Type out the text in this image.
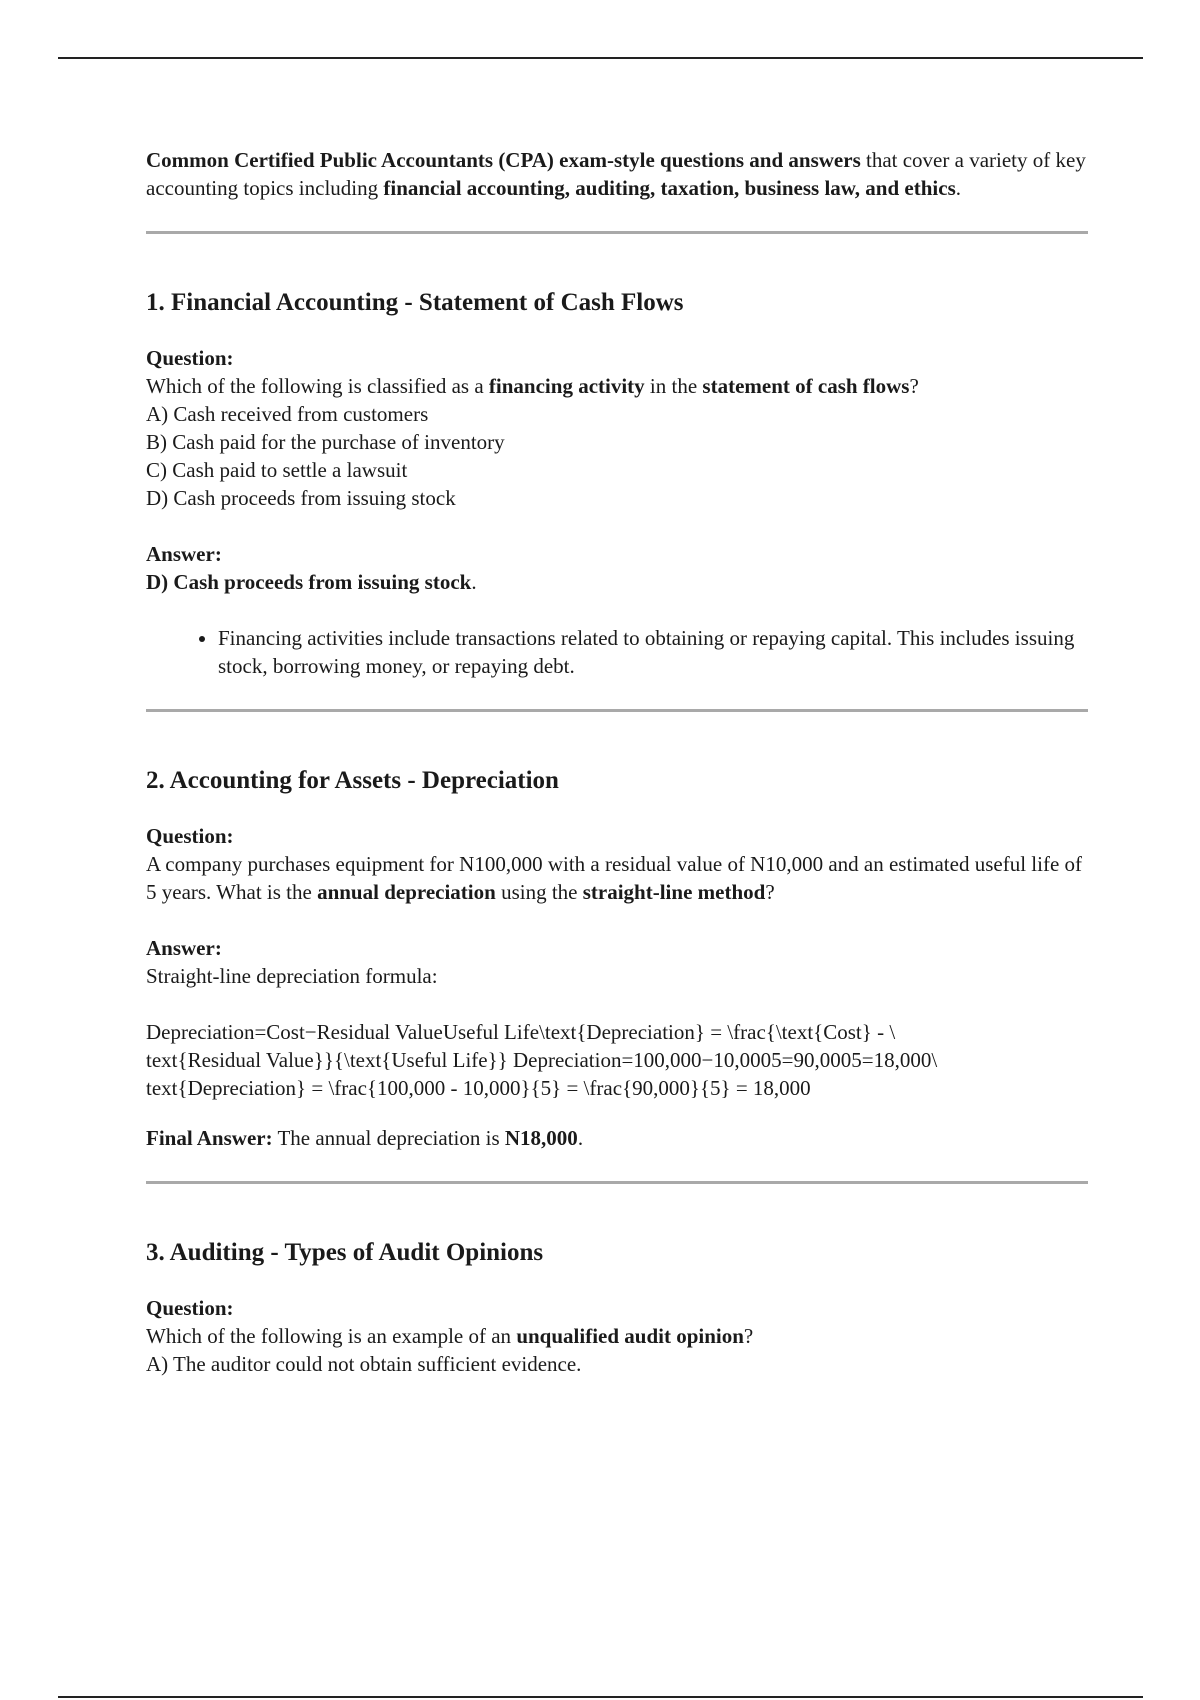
Common Certified Public Accountants (CPA) exam-style questions and answers that cover a variety of key accounting topics including financial accounting, auditing, taxation, business law, and ethics.

1. Financial Accounting - Statement of Cash Flows

Question:

Which of the following is classified as a financing activity in the statement of cash flows?

A) Cash received from customers

B) Cash paid for the purchase of inventory

C) Cash paid to settle a lawsuit

D) Cash proceeds from issuing stock

Answer:

D) Cash proceeds from issuing stock.

• Financing activities include transactions related to obtaining or repaying capital. This includes issuing stock, borrowing money, or repaying debt.
2. Accounting for Assets - Depreciation

Question:

A company purchases equipment for N100,000 with a residual value of N10,000 and an estimated useful life of 5 years. What is the annual depreciation using the straight-line method?

Answer:

Straight-line depreciation formula:

Depreciation=Cost−Residual ValueUseful Life\text{Depreciation} = \frac{\text{Cost} - \

text{Residual Value}}{\text{Useful Life}} Depreciation=100,000−10,0005=90,0005=18,000\

text{Depreciation} = \frac{100,000 - 10,000}{5} = \frac{90,000}{5} = 18,000

Final Answer: The annual depreciation is N18,000.

3. Auditing - Types of Audit Opinions

Question:

Which of the following is an example of an unqualified audit opinion?

A) The auditor could not obtain sufficient evidence.
